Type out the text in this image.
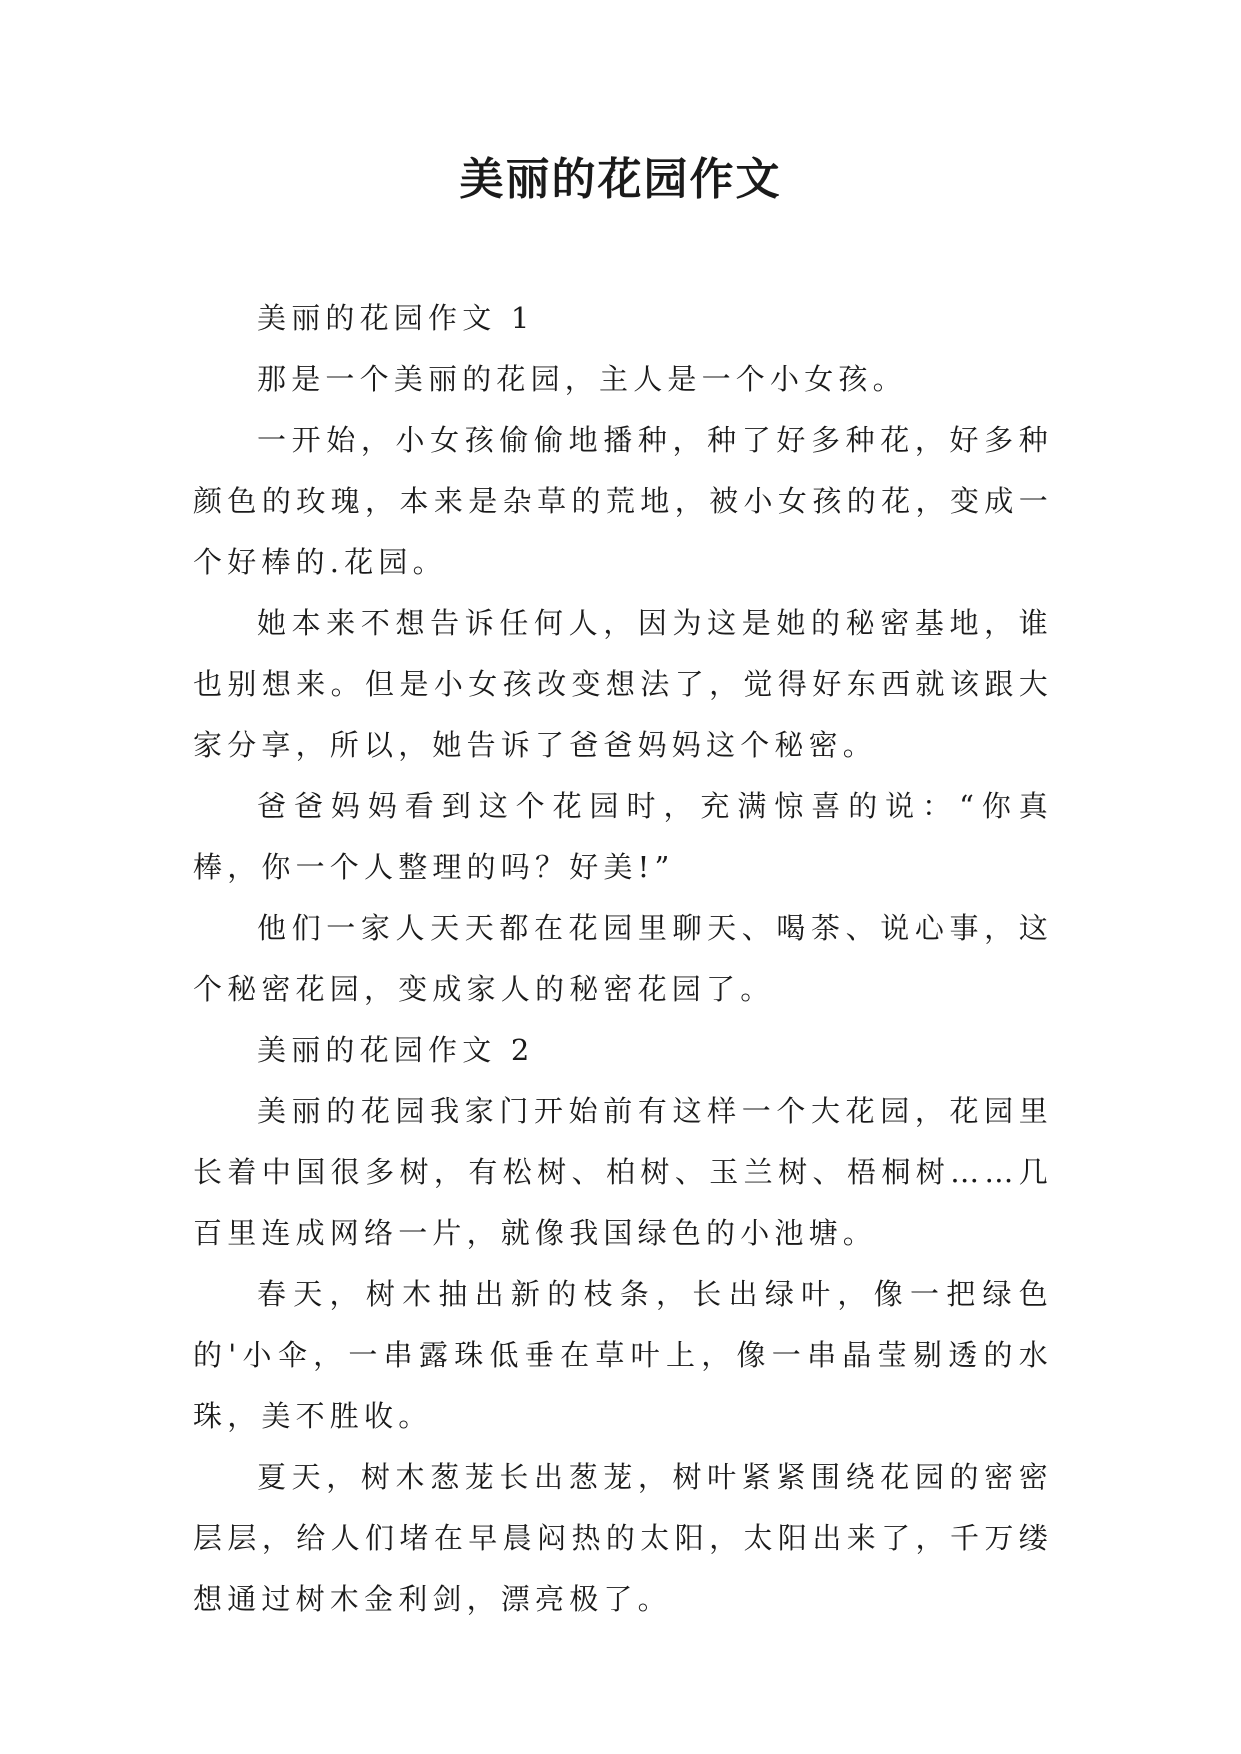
美丽的花园作文

美丽的花园作文 1

那是一个美丽的花园，主人是一个小女孩。

一开始，小女孩偷偷地播种，种了好多种花，好多种颜色的玫瑰，本来是杂草的荒地，被小女孩的花，变成一个好棒的.花园。

她本来不想告诉任何人，因为这是她的秘密基地，谁也别想来。但是小女孩改变想法了，觉得好东西就该跟大家分享，所以，她告诉了爸爸妈妈这个秘密。

爸爸妈妈看到这个花园时，充满惊喜的说：“你真棒，你一个人整理的吗？好美!”

他们一家人天天都在花园里聊天、喝茶、说心事，这个秘密花园，变成家人的秘密花园了。

美丽的花园作文 2

美丽的花园我家门开始前有这样一个大花园，花园里长着中国很多树，有松树、柏树、玉兰树、梧桐树……几百里连成网络一片，就像我国绿色的小池塘。

春天，树木抽出新的枝条，长出绿叶，像一把绿色的'小伞，一串露珠低垂在草叶上，像一串晶莹剔透的水珠，美不胜收。

夏天，树木葱茏长出葱茏，树叶紧紧围绕花园的密密层层，给人们堵在早晨闷热的太阳，太阳出来了，千万缕想通过树木金利剑，漂亮极了。
